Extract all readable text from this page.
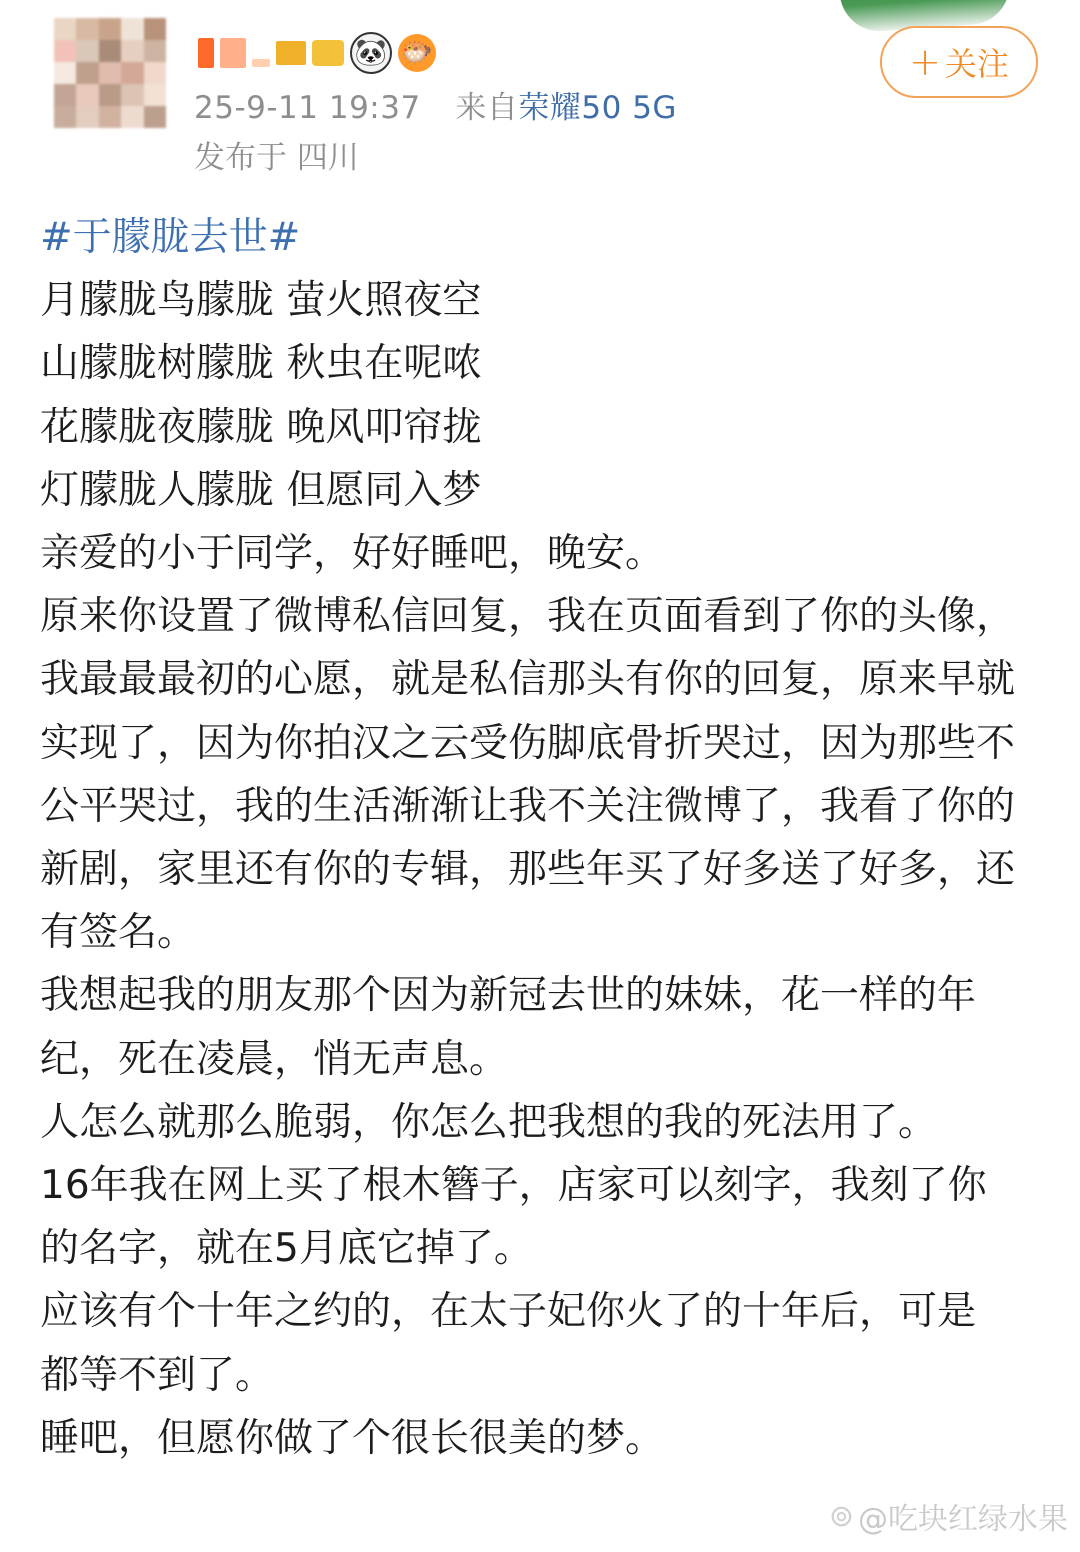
🐼 🐡
25-9-11 19:37 来自荣耀50 5G
发布于 四川
+ 关注

#于朦胧去世#

月朦胧鸟朦胧 萤火照夜空

山朦胧树朦胧 秋虫在呢哝

花朦胧夜朦胧 晚风叩帘拢

灯朦胧人朦胧 但愿同入梦

亲爱的小于同学，好好睡吧，晚安。

原来你设置了微博私信回复，我在页面看到了你的头像，我最最最初的心愿，就是私信那头有你的回复，原来早就实现了，因为你拍汉之云受伤脚底骨折哭过，因为那些不公平哭过，我的生活渐渐让我不关注微博了，我看了你的新剧，家里还有你的专辑，那些年买了好多送了好多，还有签名。

我想起我的朋友那个因为新冠去世的妹妹，花一样的年纪，死在凌晨，悄无声息。

人怎么就那么脆弱，你怎么把我想的我的死法用了。

16年我在网上买了根木簪子，店家可以刻字，我刻了你的名字，就在5月底它掉了。

应该有个十年之约的，在太子妃你火了的十年后，可是都等不到了。

睡吧，但愿你做了个很长很美的梦。

⊚ @吃块红绿水果
